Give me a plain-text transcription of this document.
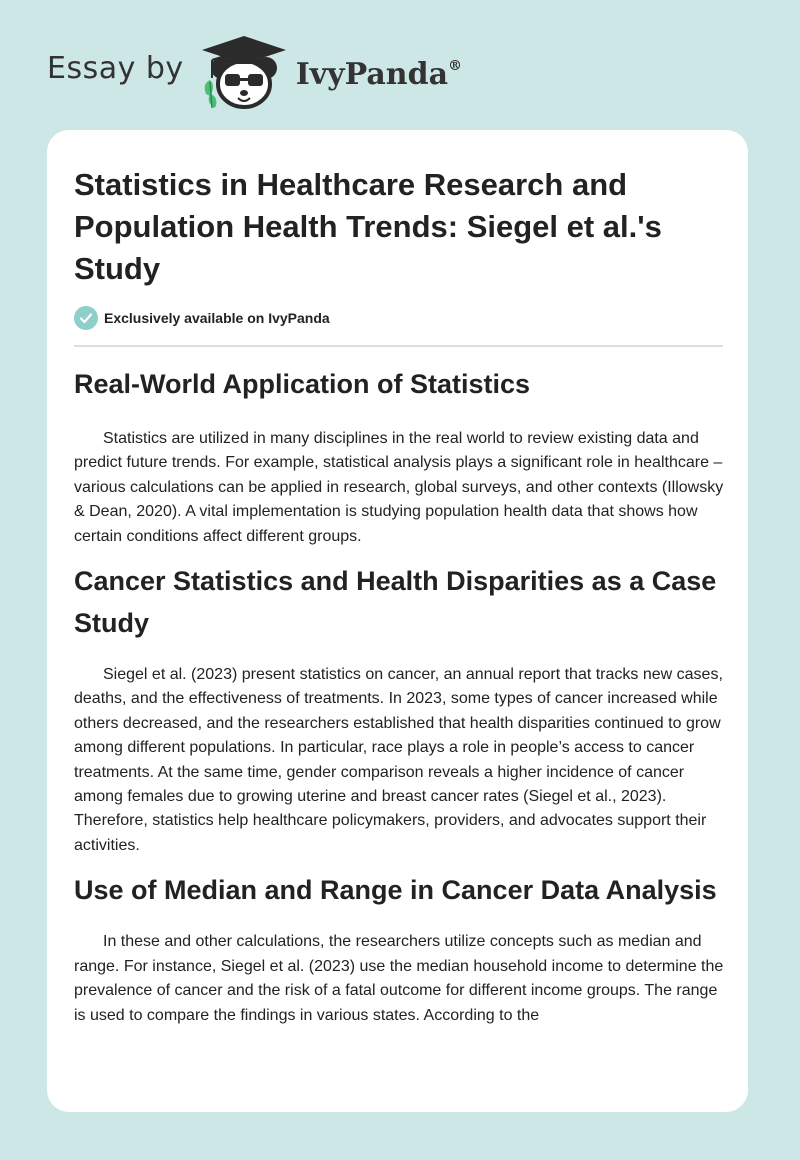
Essay by	IvyPanda®
Statistics in Healthcare Research and Population Health Trends: Siegel et al.'s Study
Exclusively available on IvyPanda
Real-World Application of Statistics

Statistics are utilized in many disciplines in the real world to review existing data and predict future trends. For example, statistical analysis plays a significant role in healthcare – various calculations can be applied in research, global surveys, and other contexts (Illowsky & Dean, 2020). A vital implementation is studying population health data that shows how certain conditions affect different groups.

Cancer Statistics and Health Disparities as a Case Study

Siegel et al. (2023) present statistics on cancer, an annual report that tracks new cases, deaths, and the effectiveness of treatments. In 2023, some types of cancer increased while others decreased, and the researchers established that health disparities continued to grow among different populations. In particular, race plays a role in people’s access to cancer treatments. At the same time, gender comparison reveals a higher incidence of cancer among females due to growing uterine and breast cancer rates (Siegel et al., 2023). Therefore, statistics help healthcare policymakers, providers, and advocates support their activities.

Use of Median and Range in Cancer Data Analysis

In these and other calculations, the researchers utilize concepts such as median and range. For instance, Siegel et al. (2023) use the median household income to determine the prevalence of cancer and the risk of a fatal outcome for different income groups. The range is used to compare the findings in various states. According to the
